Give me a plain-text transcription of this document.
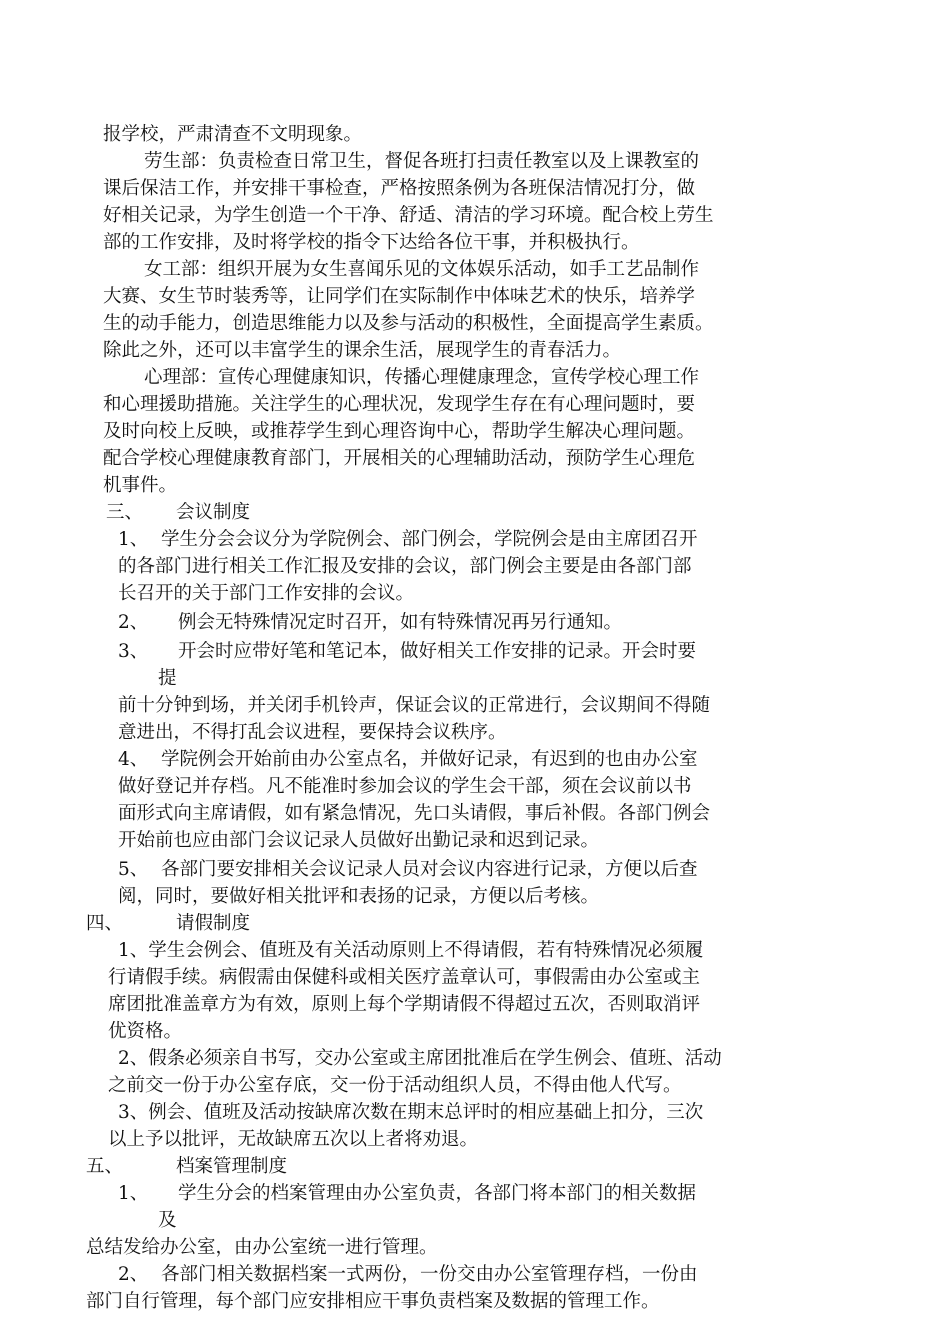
报学校，严肃清查不文明现象。
劳生部：负责检查日常卫生，督促各班打扫责任教室以及上课教室的
课后保洁工作，并安排干事检查，严格按照条例为各班保洁情况打分，做
好相关记录，为学生创造一个干净、舒适、清洁的学习环境。配合校上劳生
部的工作安排，及时将学校的指令下达给各位干事，并积极执行。
女工部：组织开展为女生喜闻乐见的文体娱乐活动，如手工艺品制作
大赛、女生节时装秀等，让同学们在实际制作中体味艺术的快乐，培养学
生的动手能力，创造思维能力以及参与活动的积极性，全面提高学生素质。
除此之外，还可以丰富学生的课余生活，展现学生的青春活力。
心理部：宣传心理健康知识，传播心理健康理念，宣传学校心理工作
和心理援助措施。关注学生的心理状况，发现学生存在有心理问题时，要
及时向校上反映，或推荐学生到心理咨询中心，帮助学生解决心理问题。
配合学校心理健康教育部门，开展相关的心理辅助活动，预防学生心理危
机事件。
三、 会议制度
1、 学生分会会议分为学院例会、部门例会，学院例会是由主席团召开
的各部门进行相关工作汇报及安排的会议，部门例会主要是由各部门部
长召开的关于部门工作安排的会议。
2、 例会无特殊情况定时召开，如有特殊情况再另行通知。
3、 开会时应带好笔和笔记本，做好相关工作安排的记录。开会时要
提
前十分钟到场，并关闭手机铃声，保证会议的正常进行，会议期间不得随
意进出，不得打乱会议进程，要保持会议秩序。
4、 学院例会开始前由办公室点名，并做好记录，有迟到的也由办公室
做好登记并存档。凡不能准时参加会议的学生会干部，须在会议前以书
面形式向主席请假，如有紧急情况，先口头请假，事后补假。各部门例会
开始前也应由部门会议记录人员做好出勤记录和迟到记录。
5、 各部门要安排相关会议记录人员对会议内容进行记录，方便以后查
阅，同时，要做好相关批评和表扬的记录，方便以后考核。
四、	请假制度
1、学生会例会、值班及有关活动原则上不得请假，若有特殊情况必须履
行请假手续。病假需由保健科或相关医疗盖章认可，事假需由办公室或主
席团批准盖章方为有效，原则上每个学期请假不得超过五次，否则取消评
优资格。
2、假条必须亲自书写，交办公室或主席团批准后在学生例会、值班、活动
之前交一份于办公室存底，交一份于活动组织人员，不得由他人代写。
3、例会、值班及活动按缺席次数在期末总评时的相应基础上扣分，三次
以上予以批评，无故缺席五次以上者将劝退。
五、	档案管理制度
1、 学生分会的档案管理由办公室负责，各部门将本部门的相关数据
及
总结发给办公室，由办公室统一进行管理。
2、 各部门相关数据档案一式两份，一份交由办公室管理存档，一份由
部门自行管理，每个部门应安排相应干事负责档案及数据的管理工作。
